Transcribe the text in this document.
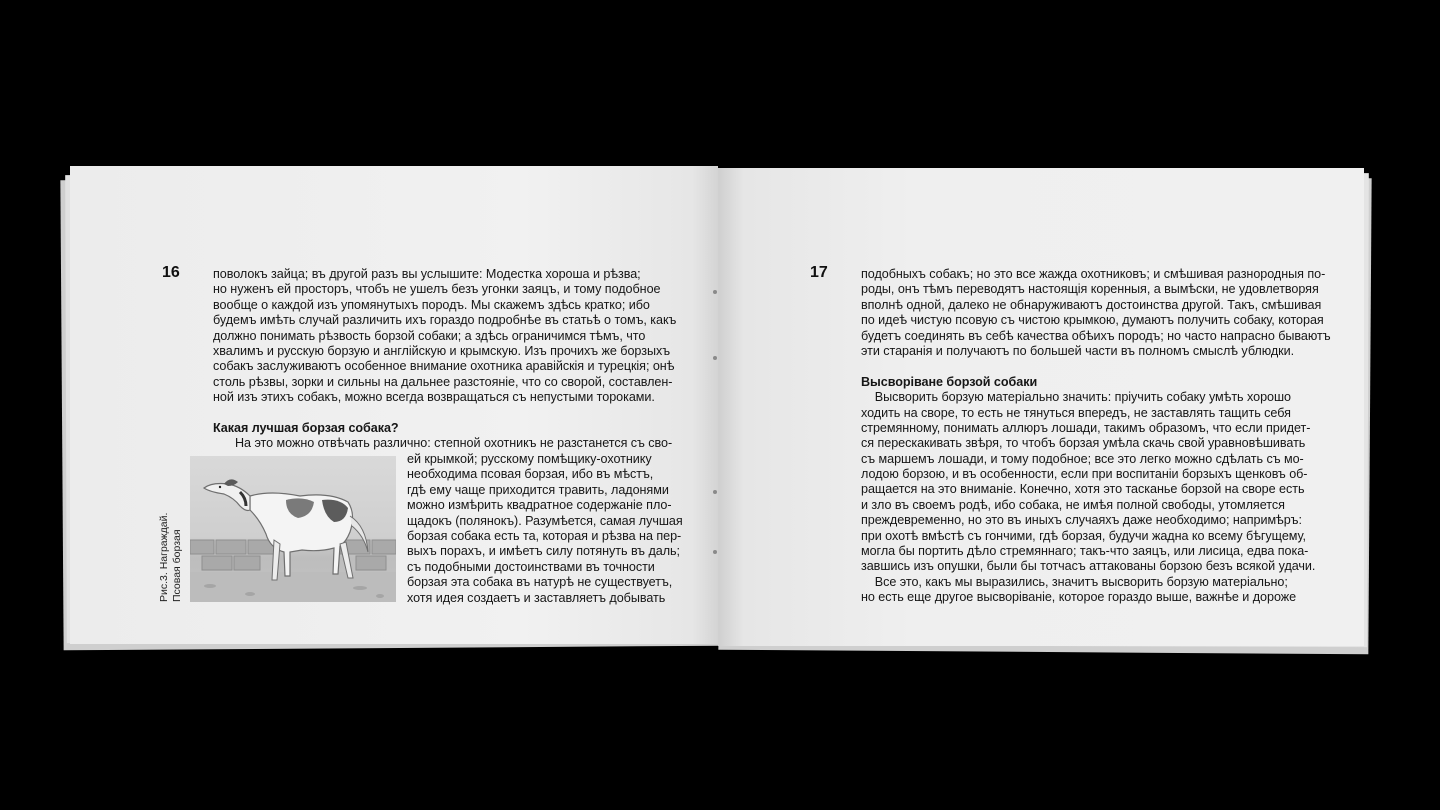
16	поволокъ зайца; въ другой разъ вы услышите: Модестка хороша и рѣзва;
но нуженъ ей просторъ, чтобъ не ушелъ безъ угонки заяцъ, и тому подобное
вообще о каждой изъ упомянутыхъ породъ. Мы скажемъ здѣсь кратко; ибо
будемъ имѣть случай различить ихъ гораздо подробнѣе въ статьѣ о томъ, какъ
должно понимать рѣзвость борзой собаки; а здѣсь ограничимся тѣмъ, что
хвалимъ и русскую борзую и англійскую и крымскую. Изъ прочихъ же борзыхъ
собакъ заслуживаютъ особенное внимание охотника аравійскія и турецкія; онѣ
столь рѣзвы, зорки и сильны на дальнее разстояніе, что со сворой, составлен-
ной изъ этихъ собакъ, можно всегда возвращаться съ непустыми тороками.
Какая лучшая борзая собака?
На это можно отвѣчать различно: степной охотникъ не разстанется съ сво-
ей крымкой; русскому помѣщику-охотнику
необходима псовая борзая, ибо въ мѣстъ,
гдѣ ему чаще приходится травить, ладонями
можно измѣрить квадратное содержаніе пло-
щадокъ (полянокъ). Разумѣется, самая лучшая
борзая собака есть та, которая и рѣзва на пер-
выхъ порахъ, и имѣетъ силу потянуть въ даль;
съ подобными достоинствами въ точности
борзая эта собака въ натурѣ не существуетъ,
хотя идея создаетъ и заставляетъ добывать
Рис.3. Награждай. Псовая борзая
17	подобныхъ собакъ; но это все жажда охотниковъ; и смѣшивая разнородныя по-
роды, онъ тѣмъ переводятъ настоящія коренныя, а вымѣски, не удовлетворяя
вполнѣ одной, далеко не обнаруживаютъ достоинства другой. Такъ, смѣшивая
по идеѣ чистую псовую съ чистою крымкою, думаютъ получить собаку, которая
будетъ соединять въ себѣ качества обѣихъ породъ; но часто напрасно бываютъ
эти старанія и получаютъ по большей части въ полномъ смыслѣ ублюдки.
Высворіване борзой собаки
Высворить борзую матеріально значить: пріучить собаку умѣть хорошо
ходить на своре, то есть не тянуться впередъ, не заставлять тащить себя
стремянному, понимать аллюръ лошади, такимъ образомъ, что если придет-
ся перескакивать звѣря, то чтобъ борзая умѣла скачь свой уравновѣшивать
съ маршемъ лошади, и тому подобное; все это легко можно сдѣлать съ мо-
лодою борзою, и въ особенности, если при воспитаніи борзыхъ щенковъ об-
ращается на это вниманіе. Конечно, хотя это тасканье борзой на своре есть
и зло въ своемъ родѣ, ибо собака, не имѣя полной свободы, утомляется
преждевременно, но это въ иныхъ случаяхъ даже необходимо; напримѣръ:
при охотѣ вмѣстѣ съ гончими, гдѣ борзая, будучи жадна ко всему бѣгущему,
могла бы портить дѣло стремяннаго; такъ-что заяцъ, или лисица, едва пока-
завшись изъ опушки, были бы тотчасъ аттакованы борзою безъ всякой удачи.
Все это, какъ мы выразились, значитъ высворить борзую матеріально;
но есть еще другое высворіваніе, которое гораздо выше, важнѣе и дороже
